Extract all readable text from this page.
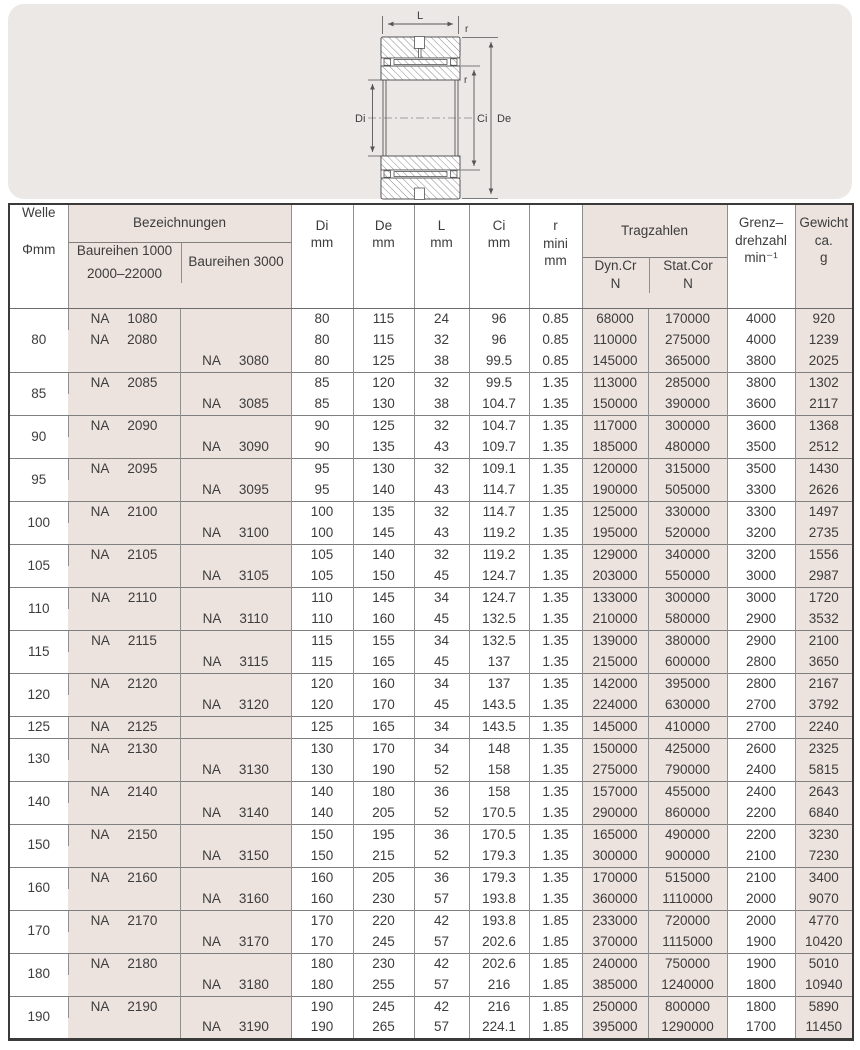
L
r
De
Ci
r
Di
Welle
Φmm

Bezeichnungen
Baureihen 1000
2000–22000
Baureihen 3000

Di
mm

De
mm

L
mm

Ci
mm

r
mini
mm

Tragzahlen
Dyn.Cr
N
Stat.Cor
N

Grenz–
drehzahl
min⁻¹

Gewicht
ca.
g

80	NA 1080		80	115	24	96	0.85	68000	170000	4000	920
	NA 2080		80	115	32	96	0.85	110000	275000	4000	1239
		NA 3080	80	125	38	99.5	0.85	145000	365000	3800	2025
85	NA 2085		85	120	32	99.5	1.35	113000	285000	3800	1302
		NA 3085	85	130	38	104.7	1.35	150000	390000	3600	2117
90	NA 2090		90	125	32	104.7	1.35	117000	300000	3600	1368
		NA 3090	90	135	43	109.7	1.35	185000	480000	3500	2512
95	NA 2095		95	130	32	109.1	1.35	120000	315000	3500	1430
		NA 3095	95	140	43	114.7	1.35	190000	505000	3300	2626
100	NA 2100		100	135	32	114.7	1.35	125000	330000	3300	1497
		NA 3100	100	145	43	119.2	1.35	195000	520000	3200	2735
105	NA 2105		105	140	32	119.2	1.35	129000	340000	3200	1556
		NA 3105	105	150	45	124.7	1.35	203000	550000	3000	2987
110	NA 2110		110	145	34	124.7	1.35	133000	300000	3000	1720
		NA 3110	110	160	45	132.5	1.35	210000	580000	2900	3532
115	NA 2115		115	155	34	132.5	1.35	139000	380000	2900	2100
		NA 3115	115	165	45	137	1.35	215000	600000	2800	3650
120	NA 2120		120	160	34	137	1.35	142000	395000	2800	2167
		NA 3120	120	170	45	143.5	1.35	224000	630000	2700	3792
125	NA 2125		125	165	34	143.5	1.35	145000	410000	2700	2240
130	NA 2130		130	170	34	148	1.35	150000	425000	2600	2325
		NA 3130	130	190	52	158	1.35	275000	790000	2400	5815
140	NA 2140		140	180	36	158	1.35	157000	455000	2400	2643
		NA 3140	140	205	52	170.5	1.35	290000	860000	2200	6840
150	NA 2150		150	195	36	170.5	1.35	165000	490000	2200	3230
		NA 3150	150	215	52	179.3	1.35	300000	900000	2100	7230
160	NA 2160		160	205	36	179.3	1.35	170000	515000	2100	3400
		NA 3160	160	230	57	193.8	1.35	360000	1110000	2000	9070
170	NA 2170		170	220	42	193.8	1.85	233000	720000	2000	4770
		NA 3170	170	245	57	202.6	1.85	370000	1115000	1900	10420
180	NA 2180		180	230	42	202.6	1.85	240000	750000	1900	5010
		NA 3180	180	255	57	216	1.85	385000	1240000	1800	10940
190	NA 2190		190	245	42	216	1.85	250000	800000	1800	5890
		NA 3190	190	265	57	224.1	1.85	395000	1290000	1700	11450
